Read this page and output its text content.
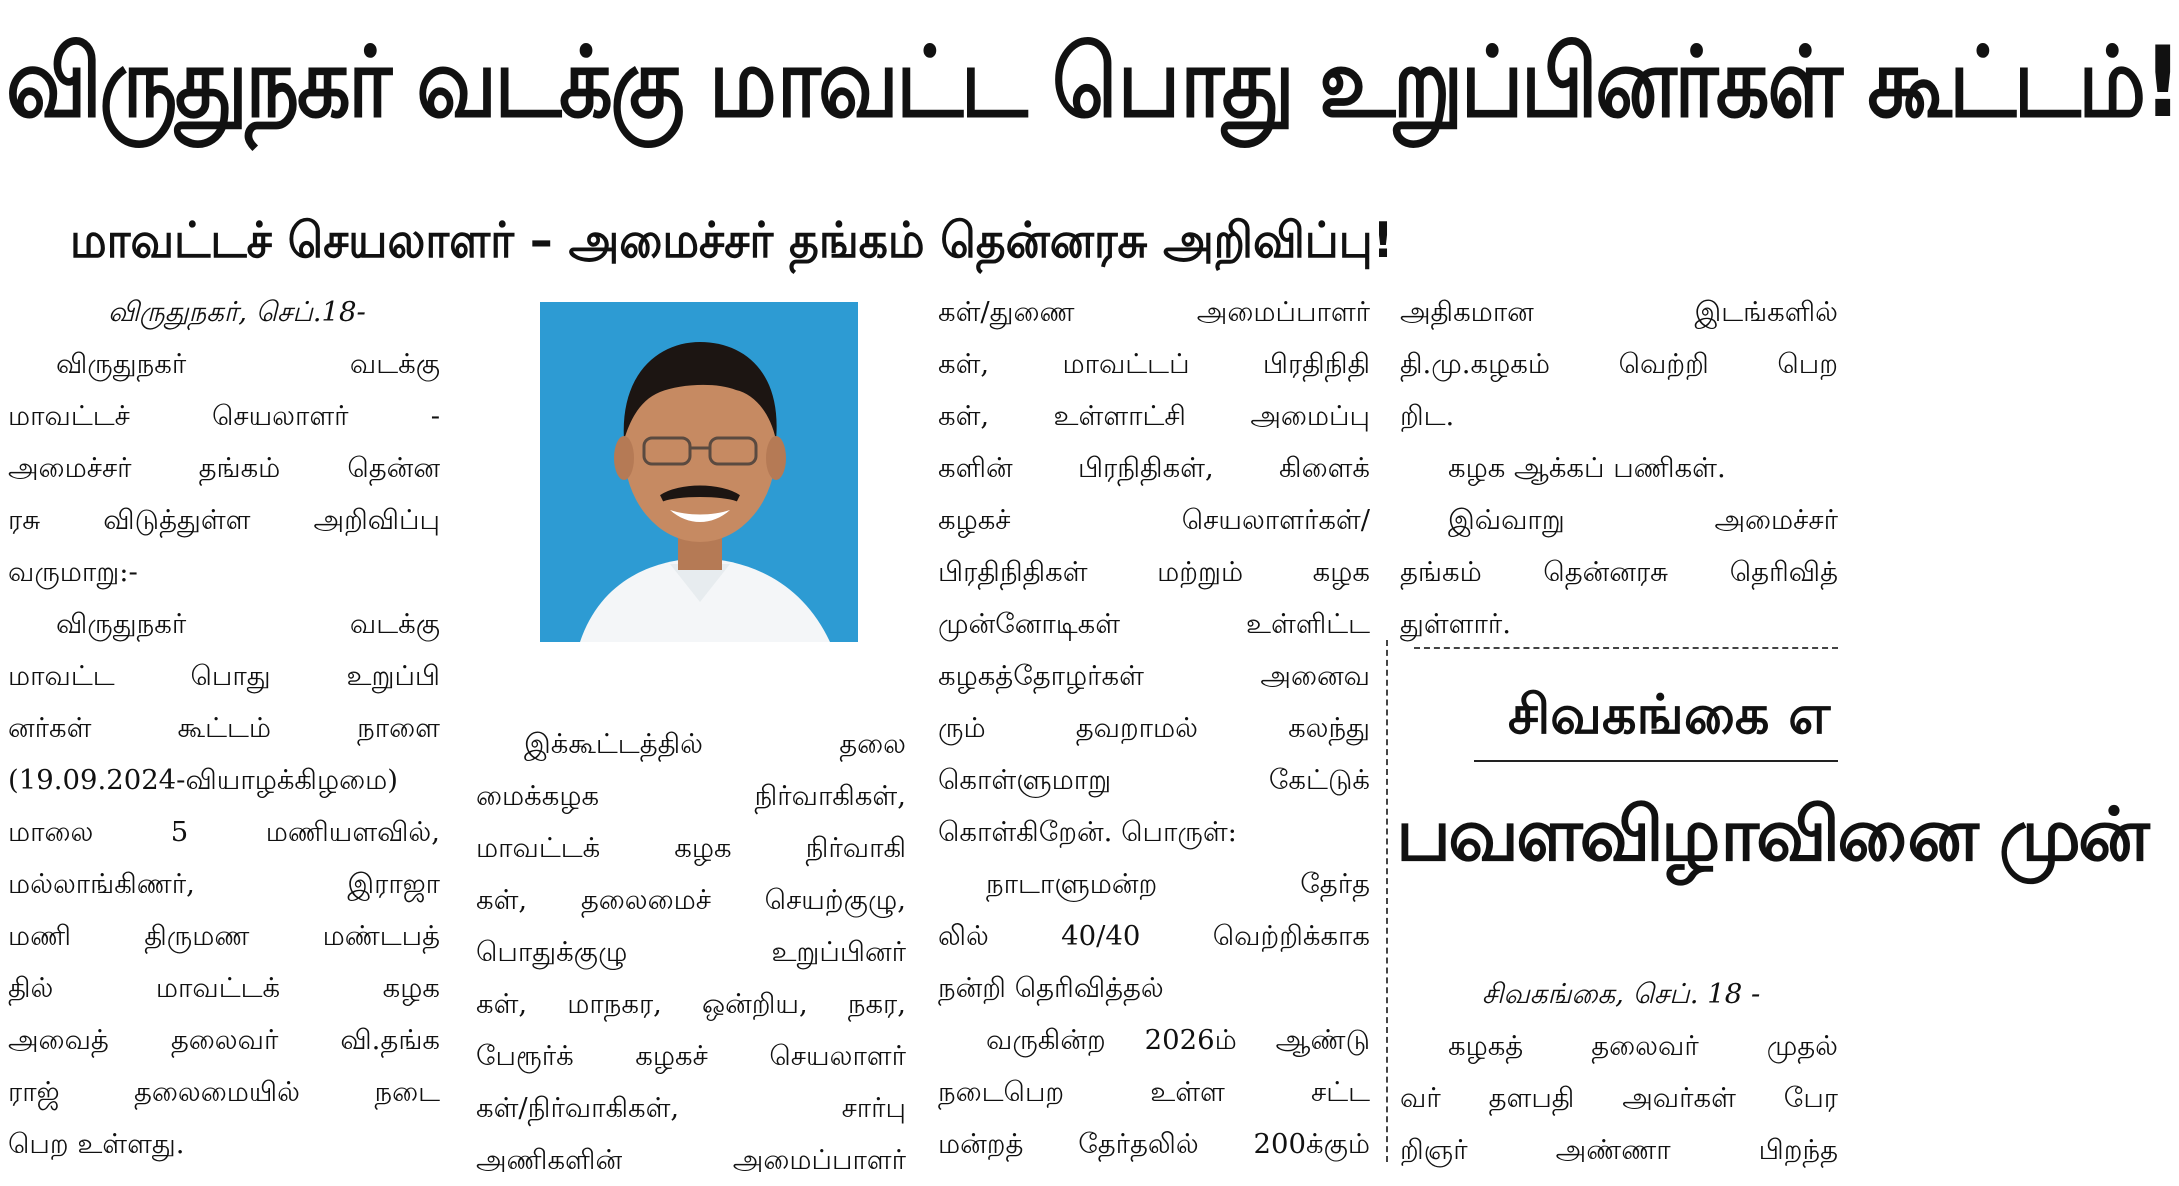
விருதுநகர் வடக்கு மாவட்ட பொது உறுப்பினர்கள் கூட்டம்!
மாவட்டச் செயலாளர் – அமைச்சர் தங்கம் தென்னரசு அறிவிப்பு!

விருதுநகர், செப்.18-

விருதுநகர் வடக்கு

மாவட்டச் செயலாளர் -

அமைச்சர் தங்கம் தென்ன

ரசு விடுத்துள்ள அறிவிப்பு

வருமாறு:-

விருதுநகர் வடக்கு

மாவட்ட பொது உறுப்பி

னர்கள் கூட்டம் நாளை

(19.09.2024-வியாழக்கிழமை)

மாலை 5 மணியளவில்,

மல்லாங்கிணர், இராஜா

மணி திருமண மண்டபத்

தில் மாவட்டக் கழக

அவைத் தலைவர் வி.தங்க

ராஜ் தலைமையில் நடை

பெற உள்ளது.

இக்கூட்டத்தில் தலை

மைக்கழக நிர்வாகிகள்,

மாவட்டக் கழக நிர்வாகி

கள், தலைமைச் செயற்குழு,

பொதுக்குழு உறுப்பினர்

கள், மாநகர, ஒன்றிய, நகர,

பேரூர்க் கழகச் செயலாளர்

கள்/நிர்வாகிகள், சார்பு

அணிகளின் அமைப்பாளர்

கள்/துணை அமைப்பாளர்

கள், மாவட்டப் பிரதிநிதி

கள், உள்ளாட்சி அமைப்பு

களின் பிரநிதிகள், கிளைக்

கழகச் செயலாளர்கள்/

பிரதிநிதிகள் மற்றும் கழக

முன்னோடிகள் உள்ளிட்ட

கழகத்தோழர்கள் அனைவ

ரும் தவறாமல் கலந்து

கொள்ளுமாறு கேட்டுக்

கொள்கிறேன். பொருள்:

நாடாளுமன்ற தேர்த

லில் 40/40 வெற்றிக்காக

நன்றி தெரிவித்தல்

வருகின்ற 2026ம் ஆண்டு

நடைபெற உள்ள சட்ட

மன்றத் தேர்தலில் 200க்கும்

அதிகமான இடங்களில்

தி.மு.கழகம் வெற்றி பெற

றிட.

கழக ஆக்கப் பணிகள்.

இவ்வாறு அமைச்சர்

தங்கம் தென்னரசு தெரிவித்

துள்ளார்.

சிவகங்கை எ
பவளவிழாவினை முன்

சிவகங்கை, செப். 18 -

கழகத் தலைவர் முதல்

வர் தளபதி அவர்கள் பேர

றிஞர் அண்ணா பிறந்த
